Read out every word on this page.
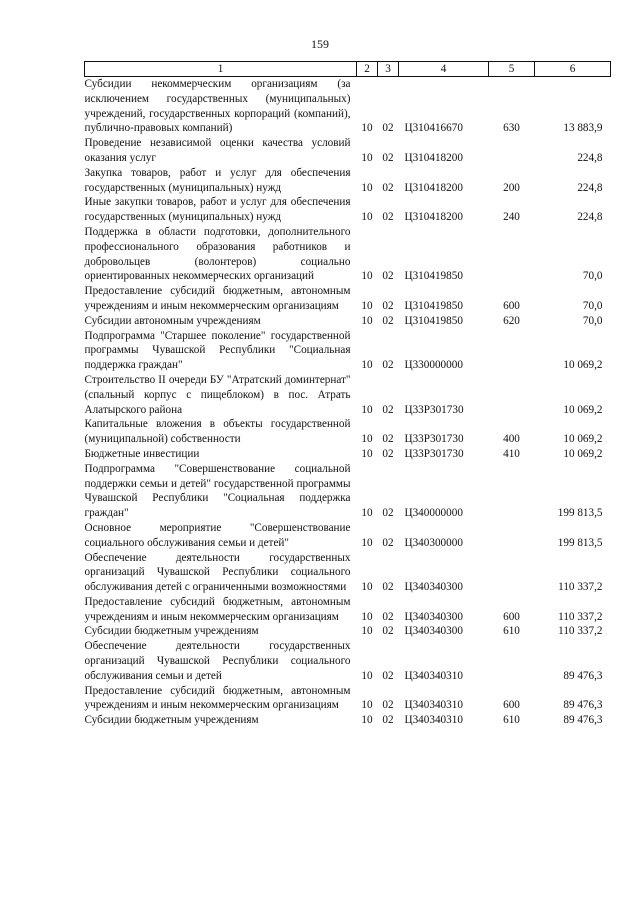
159
1	2	3	4	5	6
Субсидии некоммерческим организациям (за исключением государственных (муниципальных) учреждений, государственных корпораций (компаний), публично-правовых компаний)	10	02	Ц310416670	630	13 883,9
Проведение независимой оценки качества условий оказания услуг	10	02	Ц310418200		224,8
Закупка товаров, работ и услуг для обеспечения государственных (муниципальных) нужд	10	02	Ц310418200	200	224,8
Иные закупки товаров, работ и услуг для обеспечения государственных (муниципальных) нужд	10	02	Ц310418200	240	224,8
Поддержка в области подготовки, дополнительного профессионального образования работников и добровольцев (волонтеров) социально ориентированных некоммерческих организаций	10	02	Ц310419850		70,0
Предоставление субсидий бюджетным, автономным учреждениям и иным некоммерческим организациям	10	02	Ц310419850	600	70,0
Субсидии автономным учреждениям	10	02	Ц310419850	620	70,0
Подпрограмма "Старшее поколение" государственной программы Чувашской Республики "Социальная поддержка граждан"	10	02	Ц330000000		10 069,2
Строительство II очереди БУ "Атратский доминтернат" (спальный корпус с пищеблоком) в пос. Атрать Алатырского района	10	02	Ц33Р301730		10 069,2
Капитальные вложения в объекты государственной (муниципальной) собственности	10	02	Ц33Р301730	400	10 069,2
Бюджетные инвестиции	10	02	Ц33Р301730	410	10 069,2
Подпрограмма "Совершенствование социальной поддержки семьи и детей" государственной программы Чувашской Республики "Социальная поддержка граждан"	10	02	Ц340000000		199 813,5
Основное мероприятие "Совершенствование социального обслуживания семьи и детей"	10	02	Ц340300000		199 813,5
Обеспечение деятельности государственных организаций Чувашской Республики социального обслуживания детей с ограниченными возможностями	10	02	Ц340340300		110 337,2
Предоставление субсидий бюджетным, автономным учреждениям и иным некоммерческим организациям	10	02	Ц340340300	600	110 337,2
Субсидии бюджетным учреждениям	10	02	Ц340340300	610	110 337,2
Обеспечение деятельности государственных организаций Чувашской Республики социального обслуживания семьи и детей	10	02	Ц340340310		89 476,3
Предоставление субсидий бюджетным, автономным учреждениям и иным некоммерческим организациям	10	02	Ц340340310	600	89 476,3
Субсидии бюджетным учреждениям	10	02	Ц340340310	610	89 476,3
